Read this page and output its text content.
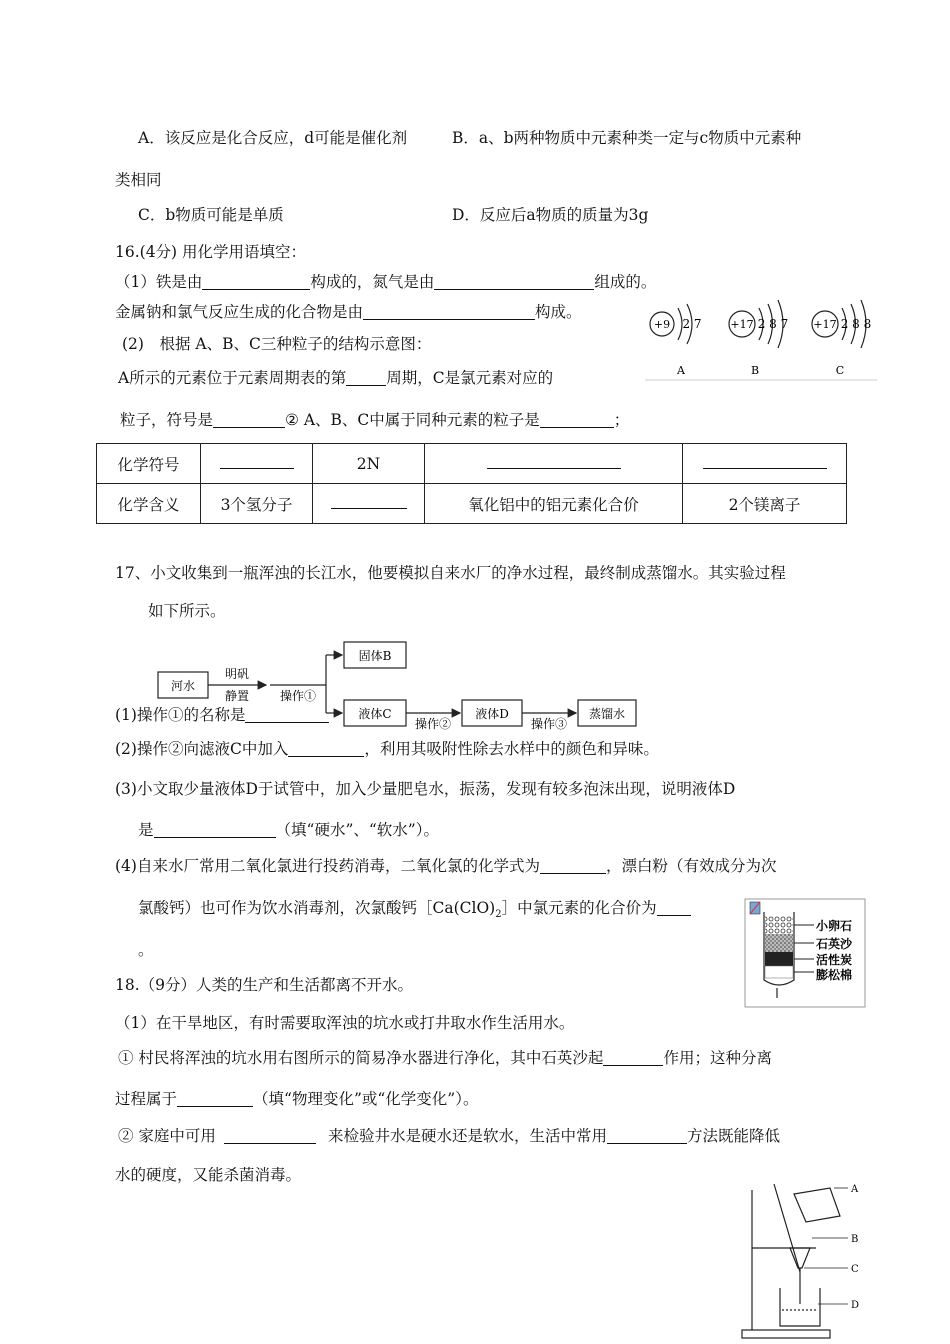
A．该反应是化合反应，d可能是催化剂	B．a、b两种物质中元素种类一定与c物质中元素种
类相同
C．b物质可能是单质	D．反应后a物质的质量为3g
16.(4分) 用化学用语填空：
（1）铁是由	构成的，氮气是由	组成的。
金属钠和氯气反应生成的化合物是由	构成。
(2)　根据 A、B、C三种粒子的结构示意图：
A所示的元素位于元素周期表的第	周期，C是氯元素对应的
粒子，符号是	② A、B、C中属于同种元素的粒子是	；
+9 2 7
A
+17 2 8 7
B
+17 2 8 8
C
化学符号		2N		
化学含义	3个氢分子		氧化铝中的铝元素化合价	2个镁离子
17、小文收集到一瓶浑浊的长江水，他要模拟自来水厂的净水过程，最终制成蒸馏水。其实验过程
如下所示。
河水
明矾
静置	操作①
固体B
液体C
操作②
液体D
操作③
蒸馏水
(1)操作①的名称是
(2)操作②向滤液C中加入	，利用其吸附性除去水样中的颜色和异味。
(3)小文取少量液体D于试管中，加入少量肥皂水，振荡，发现有较多泡沫出现，说明液体D
是	（填“硬水”、“软水”）。
(4)自来水厂常用二氧化氯进行投药消毒，二氧化氯的化学式为	，漂白粉（有效成分为次
氯酸钙）也可作为饮水消毒剂，次氯酸钙$[Ca(ClO)_2]$中氯元素的化合价为
。
小卵石
石英沙
活性炭
膨松棉
18.（9分）人类的生产和生活都离不开水。
（1）在干旱地区，有时需要取浑浊的坑水或打井取水作生活用水。
① 村民将浑浊的坑水用右图所示的简易净水器进行净化，其中石英沙起	作用；这种分离
过程属于	（填“物理变化”或“化学变化”）。
② 家庭中可用	来检验井水是硬水还是软水，生活中常用	方法既能降低
水的硬度，又能杀菌消毒。
A
B
C
D
